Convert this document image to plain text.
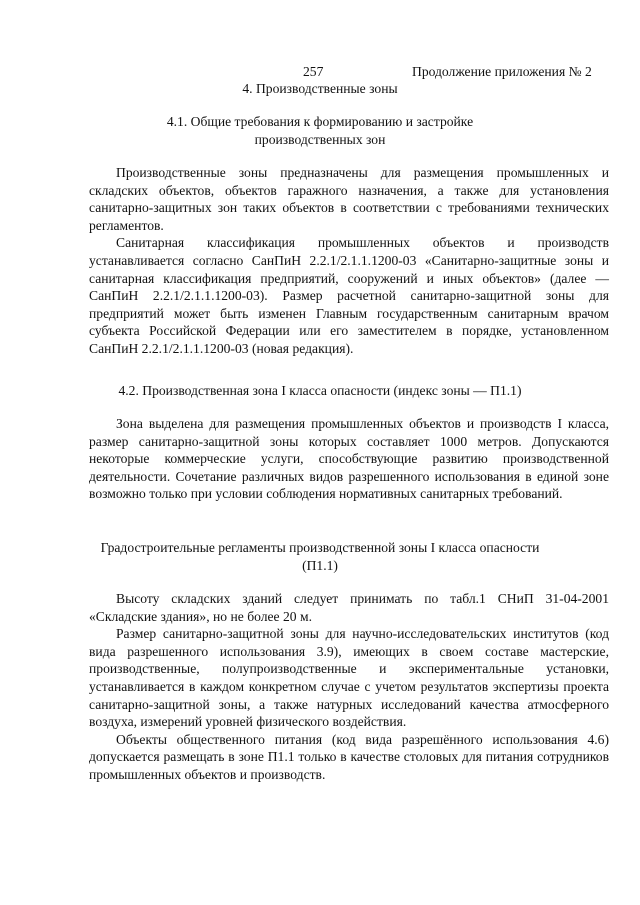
257	Продолжение приложения № 2
4. Производственные зоны
4.1. Общие требования к формированию и застройке
производственных зон
Производственные зоны предназначены для размещения промышленных и складских объектов, объектов гаражного назначения, а также для установления санитарно-защитных зон таких объектов в соответствии с требованиями технических регламентов.
Санитарная классификация промышленных объектов и производств устанавливается согласно СанПиН 2.2.1/2.1.1.1200-03 «Санитарно-защитные зоны и санитарная классификация предприятий, сооружений и иных объектов» (далее — СанПиН 2.2.1/2.1.1.1200-03). Размер расчетной санитарно-защитной зоны для предприятий может быть изменен Главным государственным санитарным врачом субъекта Российской Федерации или его заместителем в порядке, установленном СанПиН 2.2.1/2.1.1.1200-03 (новая редакция).
4.2. Производственная зона I класса опасности (индекс зоны — П1.1)
Зона выделена для размещения промышленных объектов и производств I класса, размер санитарно-защитной зоны которых составляет 1000 метров. Допускаются некоторые коммерческие услуги, способствующие развитию производственной деятельности. Сочетание различных видов разрешенного использования в единой зоне возможно только при условии соблюдения нормативных санитарных требований.
Градостроительные регламенты производственной зоны I класса опасности
(П1.1)
Высоту складских зданий следует принимать по табл.1 СНиП 31-04-2001 «Складские здания», но не более 20 м.
Размер санитарно-защитной зоны для научно-исследовательских институтов (код вида разрешенного использования 3.9), имеющих в своем составе мастерские, производственные, полупроизводственные и экспериментальные установки, устанавливается в каждом конкретном случае с учетом результатов экспертизы проекта санитарно-защитной зоны, а также натурных исследований качества атмосферного воздуха, измерений уровней физического воздействия.
Объекты общественного питания (код вида разрешённого использования 4.6) допускается размещать в зоне П1.1 только в качестве столовых для питания сотрудников промышленных объектов и производств.
